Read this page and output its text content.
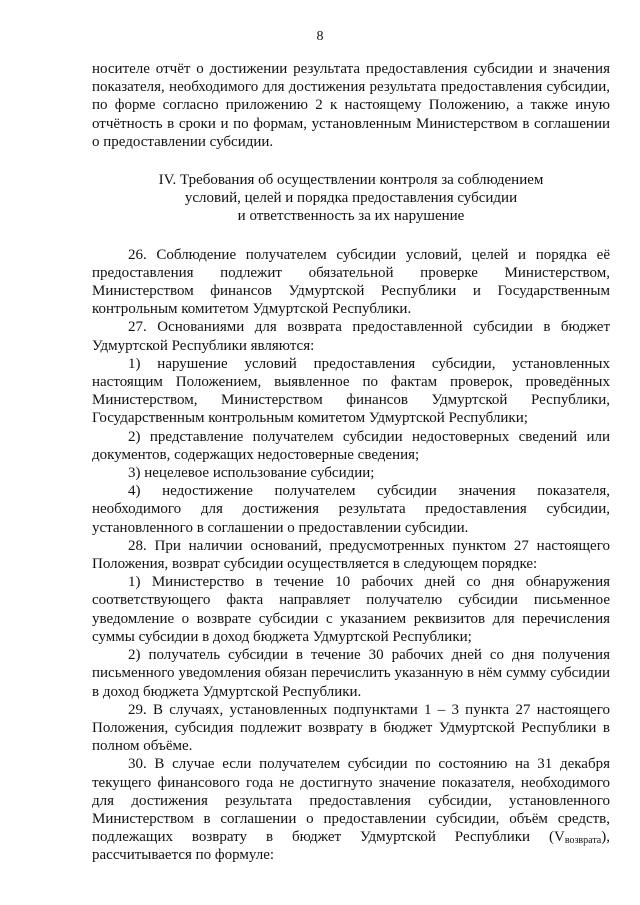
8

носителе отчёт о достижении результата предоставления субсидии и значения показателя, необходимого для достижения результата предоставления субсидии, по форме согласно приложению 2 к настоящему Положению, а также иную отчётность в сроки и по формам, установленным Министерством в соглашении о предоставлении субсидии.

IV. Требования об осуществлении контроля за соблюдением

условий, целей и порядка предоставления субсидии

и ответственность за их нарушение

26. Соблюдение получателем субсидии условий, целей и порядка её предоставления подлежит обязательной проверке Министерством, Министерством финансов Удмуртской Республики и Государственным контрольным комитетом Удмуртской Республики.

27. Основаниями для возврата предоставленной субсидии в бюджет Удмуртской Республики являются:

1) нарушение условий предоставления субсидии, установленных настоящим Положением, выявленное по фактам проверок, проведённых Министерством, Министерством финансов Удмуртской Республики, Государственным контрольным комитетом Удмуртской Республики;

2) представление получателем субсидии недостоверных сведений или документов, содержащих недостоверные сведения;

3) нецелевое использование субсидии;

4) недостижение получателем субсидии значения показателя, необходимого для достижения результата предоставления субсидии, установленного в соглашении о предоставлении субсидии.

28. При наличии оснований, предусмотренных пунктом 27 настоящего Положения, возврат субсидии осуществляется в следующем порядке:

1) Министерство в течение 10 рабочих дней со дня обнаружения соответствующего факта направляет получателю субсидии письменное уведомление о возврате субсидии с указанием реквизитов для перечисления суммы субсидии в доход бюджета Удмуртской Республики;

2) получатель субсидии в течение 30 рабочих дней со дня получения письменного уведомления обязан перечислить указанную в нём сумму субсидии в доход бюджета Удмуртской Республики.

29. В случаях, установленных подпунктами 1 – 3 пункта 27 настоящего Положения, субсидия подлежит возврату в бюджет Удмуртской Республики в полном объёме.

30. В случае если получателем субсидии по состоянию на 31 декабря текущего финансового года не достигнуто значение показателя, необходимого для достижения результата предоставления субсидии, установленного Министерством в соглашении о предоставлении субсидии, объём средств, подлежащих возврату в бюджет Удмуртской Республики $(V_{возврата})$, рассчитывается по формуле:
